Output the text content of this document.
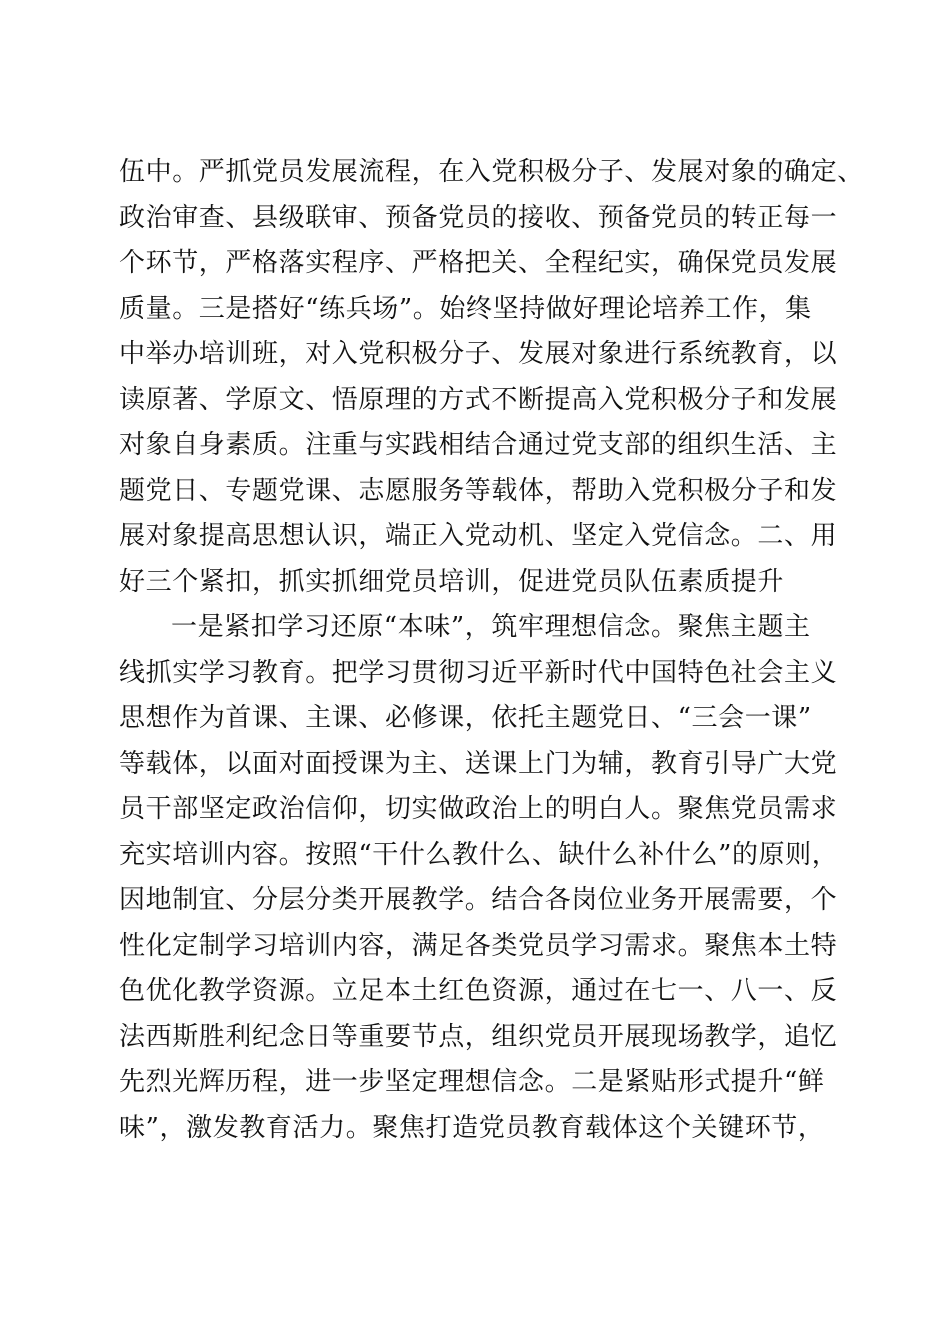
伍中。严抓党员发展流程，在入党积极分子、发展对象的确定、
政治审查、县级联审、预备党员的接收、预备党员的转正每一
个环节，严格落实程序、严格把关、全程纪实，确保党员发展
质量。三是搭好“练兵场”。始终坚持做好理论培养工作，集
中举办培训班，对入党积极分子、发展对象进行系统教育，以
读原著、学原文、悟原理的方式不断提高入党积极分子和发展
对象自身素质。注重与实践相结合通过党支部的组织生活、主
题党日、专题党课、志愿服务等载体，帮助入党积极分子和发
展对象提高思想认识，端正入党动机、坚定入党信念。二、用
好三个紧扣，抓实抓细党员培训，促进党员队伍素质提升
一是紧扣学习还原“本味”，筑牢理想信念。聚焦主题主
线抓实学习教育。把学习贯彻习近平新时代中国特色社会主义
思想作为首课、主课、必修课，依托主题党日、“三会一课”
等载体，以面对面授课为主、送课上门为辅，教育引导广大党
员干部坚定政治信仰，切实做政治上的明白人。聚焦党员需求
充实培训内容。按照“干什么教什么、缺什么补什么”的原则，
因地制宜、分层分类开展教学。结合各岗位业务开展需要，个
性化定制学习培训内容，满足各类党员学习需求。聚焦本土特
色优化教学资源。立足本土红色资源，通过在七一、八一、反
法西斯胜利纪念日等重要节点，组织党员开展现场教学，追忆
先烈光辉历程，进一步坚定理想信念。二是紧贴形式提升“鲜
味”，激发教育活力。聚焦打造党员教育载体这个关键环节，
